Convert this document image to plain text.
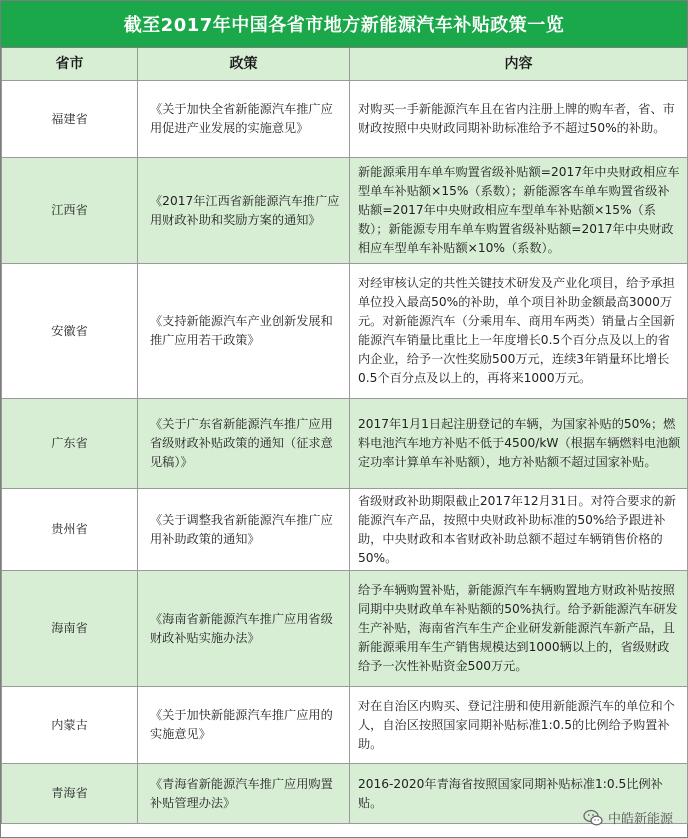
截至2017年中国各省市地方新能源汽车补贴政策一览
省市	政策	内容
福建省	《关于加快全省新能源汽车推广应用促进产业发展的实施意见》	对购买一手新能源汽车且在省内注册上牌的购车者，省、市财政按照中央财政同期补助标准给予不超过50%的补助。
江西省	《2017年江西省新能源汽车推广应用财政补助和奖励方案的通知》	新能源乘用车单车购置省级补贴额=2017年中央财政相应车型单车补贴额×15%（系数）；新能源客车单车购置省级补贴额=2017年中央财政相应车型单车补贴额×15%（系数）；新能源专用车单车购置省级补贴额=2017年中央财政相应车型单车补贴额×10%（系数）。
安徽省	《支持新能源汽车产业创新发展和推广应用若干政策》	对经审核认定的共性关键技术研发及产业化项目，给予承担单位投入最高50%的补助，单个项目补助金额最高3000万元。对新能源汽车（分乘用车、商用车两类）销量占全国新能源汽车销量比重比上一年度增长0.5个百分点及以上的省内企业，给予一次性奖励500万元，连续3年销量环比增长0.5个百分点及以上的，再将来1000万元。
广东省	《关于广东省新能源汽车推广应用省级财政补贴政策的通知（征求意见稿）》	2017年1月1日起注册登记的车辆，为国家补贴的50%；燃料电池汽车地方补贴不低于4500/kW（根据车辆燃料电池额定功率计算单车补贴额），地方补贴额不超过国家补贴。
贵州省	《关于调整我省新能源汽车推广应用补助政策的通知》	省级财政补助期限截止2017年12月31日。对符合要求的新能源汽车产品，按照中央财政补助标准的50%给予跟进补助，中央财政和本省财政补助总额不超过车辆销售价格的50%。
海南省	《海南省新能源汽车推广应用省级财政补贴实施办法》	给予车辆购置补贴，新能源汽车车辆购置地方财政补贴按照同期中央财政单车补贴额的50%执行。给予新能源汽车研发生产补贴，海南省汽车生产企业研发新能源汽车新产品，且新能源乘用车生产销售规模达到1000辆以上的，省级财政给予一次性补贴资金500万元。
内蒙古	《关于加快新能源汽车推广应用的实施意见》	对在自治区内购买、登记注册和使用新能源汽车的单位和个人，自治区按照国家同期补贴标准1:0.5的比例给予购置补助。
青海省	《青海省新能源汽车推广应用购置补贴管理办法》	2016-2020年青海省按照国家同期补贴标准1:0.5比例补贴。
中皓新能源
